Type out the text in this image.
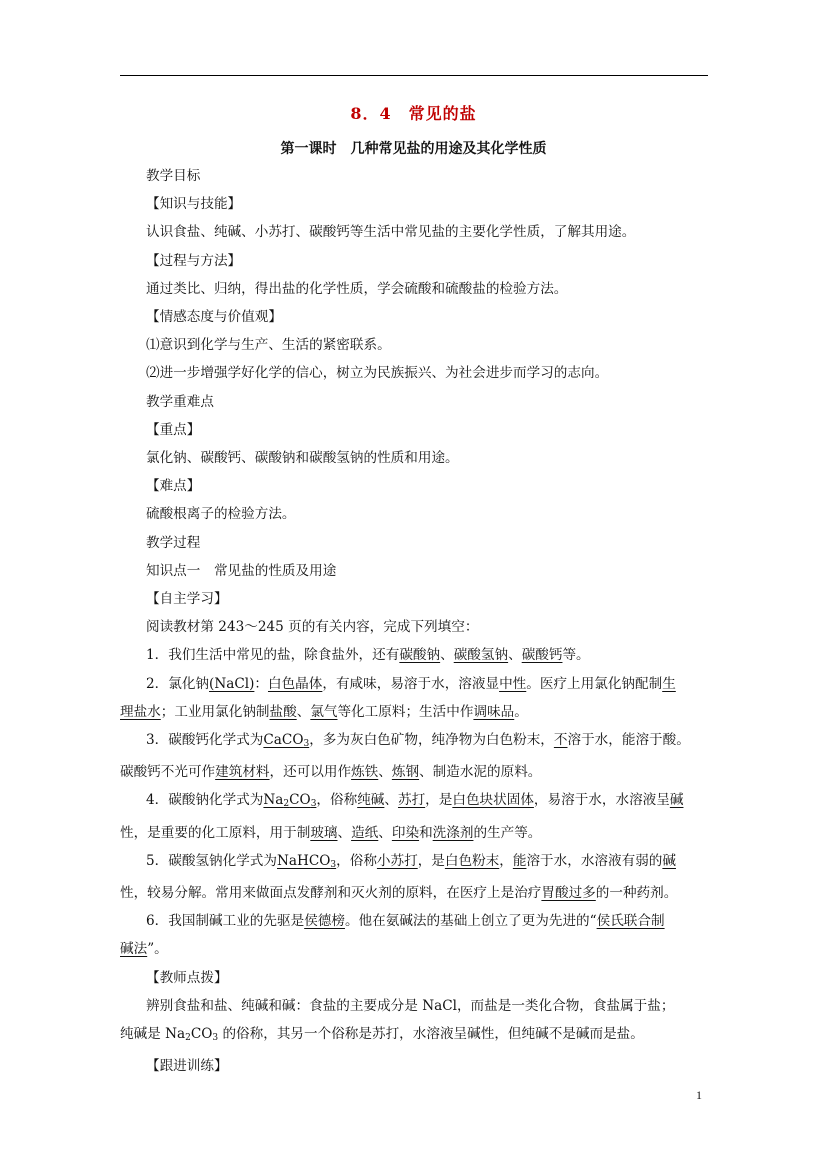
8．4　常见的盐
第一课时　几种常见盐的用途及其化学性质

教学目标

【知识与技能】

认识食盐、纯碱、小苏打、碳酸钙等生活中常见盐的主要化学性质，了解其用途。

【过程与方法】

通过类比、归纳，得出盐的化学性质，学会硫酸和硫酸盐的检验方法。

【情感态度与价值观】

⑴意识到化学与生产、生活的紧密联系。

⑵进一步增强学好化学的信心，树立为民族振兴、为社会进步而学习的志向。

教学重难点

【重点】

氯化钠、碳酸钙、碳酸钠和碳酸氢钠的性质和用途。

【难点】

硫酸根离子的检验方法。

教学过程

知识点一　常见盐的性质及用途

【自主学习】

阅读教材第 243～245 页的有关内容，完成下列填空：

1．我们生活中常见的盐，除食盐外，还有碳酸钠、碳酸氢钠、碳酸钙等。

2．氯化钠(NaCl)：白色晶体，有咸味，易溶于水，溶液显中性。医疗上用氯化钠配制生

理盐水；工业用氯化钠制盐酸、氯气等化工原料；生活中作调味品。

3．碳酸钙化学式为CaCO$_3$，多为灰白色矿物，纯净物为白色粉末，不溶于水，能溶于酸。

碳酸钙不光可作建筑材料，还可以用作炼铁、炼钢、制造水泥的原料。

4．碳酸钠化学式为$Na_2CO_3$，俗称纯碱、苏打，是白色块状固体，易溶于水，水溶液呈碱

性，是重要的化工原料，用于制玻璃、造纸、印染和洗涤剂的生产等。

5．碳酸氢钠化学式为NaHCO$_3$，俗称小苏打，是白色粉末，能溶于水，水溶液有弱的碱

性，较易分解。常用来做面点发酵剂和灭火剂的原料，在医疗上是治疗胃酸过多的一种药剂。

6．我国制碱工业的先驱是侯德榜。他在氨碱法的基础上创立了更为先进的“侯氏联合制

碱法”。

【教师点拨】

辨别食盐和盐、纯碱和碱：食盐的主要成分是 NaCl，而盐是一类化合物，食盐属于盐；

纯碱是 $Na_2CO_3$ 的俗称，其另一个俗称是苏打，水溶液呈碱性，但纯碱不是碱而是盐。

【跟进训练】

1
